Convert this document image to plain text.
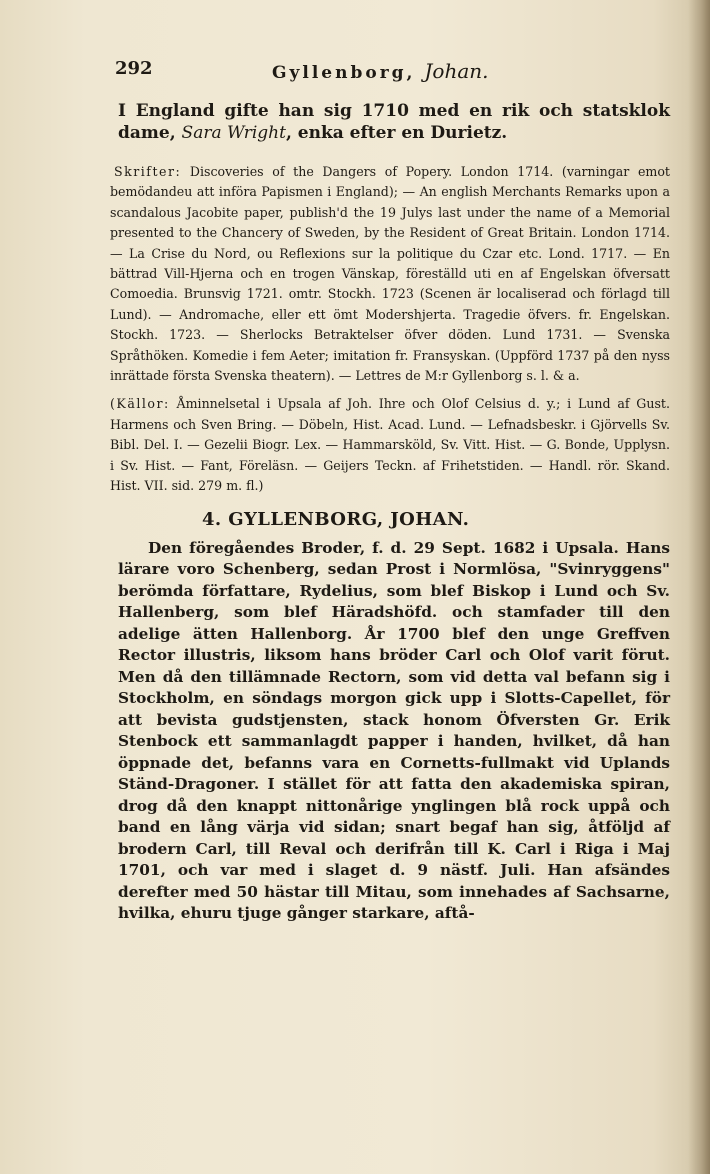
292	Gyllenborg, Johan.
I England gifte han sig 1710 med en rik och statsklok dame, Sara Wright, enka efter en Durietz.
Skrifter: Discoveries of the Dangers of Popery. London 1714. (varningar emot bemödandeu att införa Papismen i England); — An english Merchants Remarks upon a scandalous Jacobite paper, publish'd the 19 Julys last under the name of a Memorial presented to the Chancery of Sweden, by the Resident of Great Britain. London 1714. — La Crise du Nord, ou Reflexions sur la politique du Czar etc. Lond. 1717. — En bättrad Vill-Hjerna och en trogen Vänskap, föreställd uti en af Engelskan öfversatt Comoedia. Brunsvig 1721. omtr. Stockh. 1723 (Scenen är localiserad och förlagd till Lund). — Andromache, eller ett ömt Modershjerta. Tragedie öfvers. fr. Engelskan. Stockh. 1723. — Sherlocks Betraktelser öfver döden. Lund 1731. — Svenska Språthöken. Komedie i fem Aeter; imitation fr. Fransyskan. (Uppförd 1737 på den nyss inrättade första Svenska theatern). — Lettres de M:r Gyllenborg s. l. & a.
(Källor: Åminnelsetal i Upsala af Joh. Ihre och Olof Celsius d. y.; i Lund af Gust. Harmens och Sven Bring. — Döbeln, Hist. Acad. Lund. — Lefnadsbeskr. i Gjörvells Sv. Bibl. Del. I. — Gezelii Biogr. Lex. — Hammarsköld, Sv. Vitt. Hist. — G. Bonde, Upplysn. i Sv. Hist. — Fant, Föreläsn. — Geijers Teckn. af Frihetstiden. — Handl. rör. Skand. Hist. VII. sid. 279 m. fl.)
4. GYLLENBORG, JOHAN.
Den föregåendes Broder, f. d. 29 Sept. 1682 i Upsala. Hans lärare voro Schenberg, sedan Prost i Normlösa, "Svinryggens" berömda författare, Rydelius, som blef Biskop i Lund och Sv. Hallenberg, som blef Häradshöfd. och stamfader till den adelige ätten Hallenborg. År 1700 blef den unge Greffven Rector illustris, liksom hans bröder Carl och Olof varit förut. Men då den tillämnade Rectorn, som vid detta val befann sig i Stockholm, en söndags morgon gick upp i Slotts-Capellet, för att bevista gudstjensten, stack honom Öfversten Gr. Erik Stenbock ett sammanlagdt papper i handen, hvilket, då han öppnade det, befanns vara en Cornetts-fullmakt vid Uplands Ständ-Dragoner. I stället för att fatta den akademiska spiran, drog då den knappt nittonårige ynglingen blå rock uppå och band en lång värja vid sidan; snart begaf han sig, åtföljd af brodern Carl, till Reval och derifrån till K. Carl i Riga i Maj 1701, och var med i slaget d. 9 nästf. Juli. Han afsändes derefter med 50 hästar till Mitau, som innehades af Sachsarne, hvilka, ehuru tjuge gånger starkare, aftå-
